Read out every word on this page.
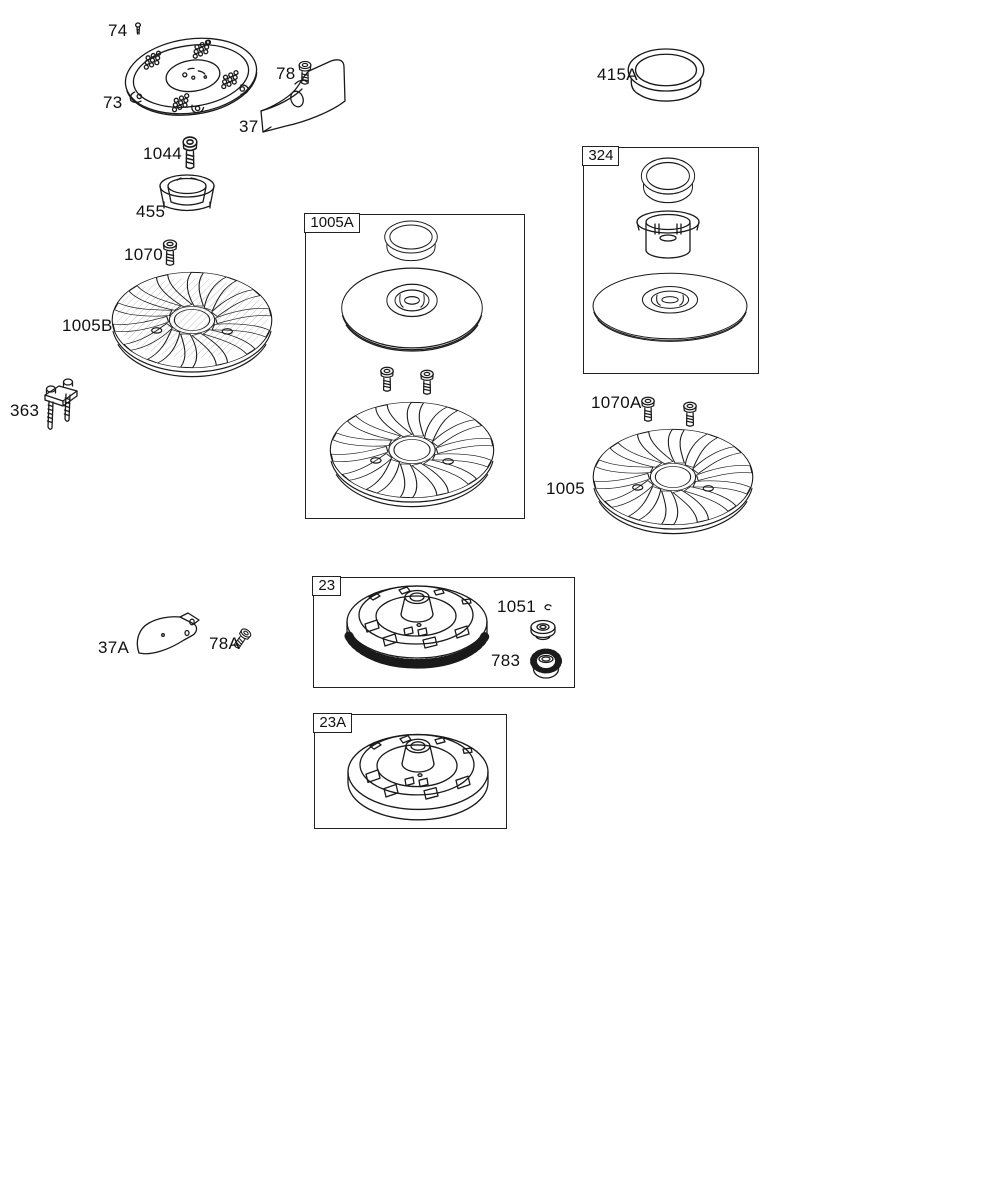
1005A
324
23
23A
74
73
78
37
1044
455
1070
1005B
363
415A
1070A
1005
37A	78A
1051
783
